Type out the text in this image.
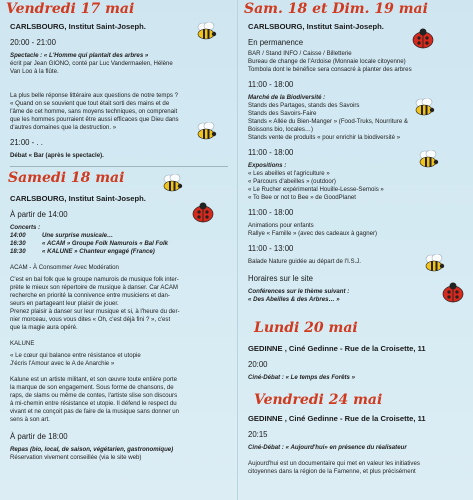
Vendredi 17 mai
CARLSBOURG, Institut Saint-Joseph.
20:00 - 21:00
Spectacle : « L'Homme qui plantait des arbres »
écrit par Jean GIONO, conté par Luc Vandermaelen, Hélène
Van Loo à la flûte.
La plus belle réponse littéraire aux questions de notre temps ?
« Quand on se souvient que tout était sorti des mains et de
l'âme de cet homme, sans moyens techniques, on comprenait
que les hommes pourraient être aussi efficaces que Dieu dans
d'autres domaines que la destruction. »
21:00 - . .
Débat « Bar (après le spectacle).
Samedi 18 mai
CARLSBOURG, Institut Saint-Joseph.
À partir de 14:00
Concerts :
14:00	Une surprise musicale…
16:30	« ACAM » Groupe Folk Namurois « Bal Folk
18:30	« KALUNE » Chanteur engagé (France)
ACAM - À Consommer Avec Modération
C'est en bal folk que le groupe namurois de musique folk inter-
prète le mieux son répertoire de musique à danser. Car ACAM
recherche en priorité la connivence entre musiciens et dan-
seurs en partageant leur plaisir de jouer.
Prenez plaisir à danser sur leur musique et si, à l'heure du der-
nier morceau, vous vous dites « Oh, c'est déjà fini ? », c'est
que la magie aura opéré.
KALUNE
« Le cœur qui balance entre résistance et utopie
J'écris l'Amour avec le A de Anarchie »
Kalune est un artiste militant, et son œuvre toute entière porte
la marque de son engagement. Sous forme de chansons, de
raps, de slams ou même de contes, l'artiste slise son discours
à mi-chemin entre résistance et utopie. Il défend le respect du
vivant et ne conçoit pas de faire de la musique sans donner un
sens à son art.
À partir de 18:00
Repas (bio, local, de saison, végétarien, gastronomique)
Réservation vivement conseillée (via le site web)
Sam. 18 et Dim. 19 mai
CARLSBOURG, Institut Saint-Joseph.
En permanence
BAR / Stand INFO / Caisse / Billetterie
Bureau de change de l'Ardoise (Monnaie locale citoyenne)
Tombola dont le bénéfice sera consacré à planter des arbres
11:00 - 18:00
Marché de la Biodiversité :
Stands des Partages, stands des Savoirs
Stands des Savoirs-Faire
Stands « Allée du Bien-Manger » (Food-Truks, Nourriture &
Boissons bio, locales…)
Stands vente de produits « pour enrichir la biodiversité »
11:00 - 18:00
Expositions :
« Les abeilles et l'agriculture »
« Parcours d'abeilles » (outdoor)
« Le Rucher expérimental Houille-Lesse-Semois »
« To Bee or not to Bee » de GoodPlanet
11:00 - 18:00
Animations pour enfants
Rallye « Famille » (avec des cadeaux à gagner)
11:00 - 13:00
Balade Nature guidée au départ de l'I.S.J.
Horaires sur le site
Conférences sur le thème suivant :
« Des Abeilles & des Arbres… »
Lundi 20 mai
GEDINNE , Ciné Gedinne - Rue de la Croisette, 11
20:00
Ciné-Débat : « Le temps des Forêts »
Vendredi 24 mai
GEDINNE , Ciné Gedinne - Rue de la Croisette, 11
20:15
Ciné-Débat : « Aujourd'hui» en présence du réalisateur
Aujourd'hui est un documentaire qui met en valeur les initiatives
citoyennes dans la région de la Famenne, et plus précisément
